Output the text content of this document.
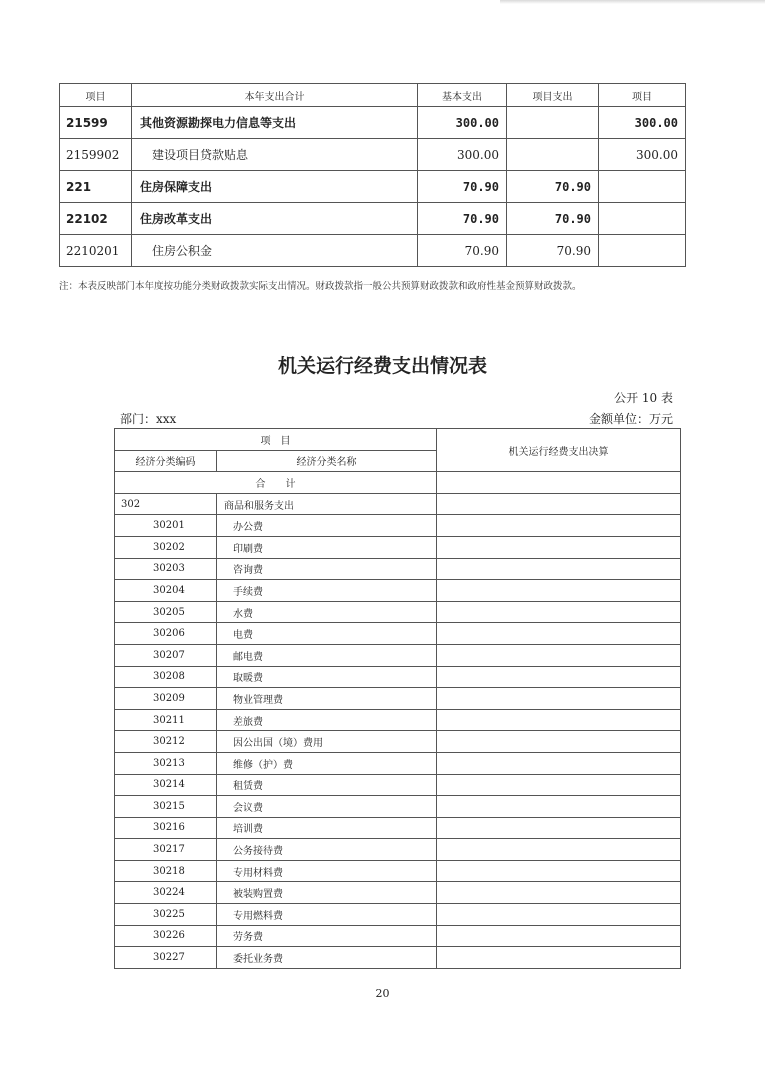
项目	本年支出合计	基本支出	项目支出	项目
21599	其他资源勘探电力信息等支出	300.00		300.00
2159902	建设项目贷款贴息	300.00		300.00
221	住房保障支出	70.90	70.90	
22102	住房改革支出	70.90	70.90	
2210201	住房公积金	70.90	70.90	
注：本表反映部门本年度按功能分类财政拨款实际支出情况。财政拨款指一般公共预算财政拨款和政府性基金预算财政拨款。
机关运行经费支出情况表
公开 10 表
部门：xxx	金额单位：万元
项　目		机关运行经费支出决算
经济分类编码	经济分类名称	
合　　计		
302	商品和服务支出	
30201	办公费	
30202	印刷费	
30203	咨询费	
30204	手续费	
30205	水费	
30206	电费	
30207	邮电费	
30208	取暖费	
30209	物业管理费	
30211	差旅费	
30212	因公出国（境）费用	
30213	维修（护）费	
30214	租赁费	
30215	会议费	
30216	培训费	
30217	公务接待费	
30218	专用材料费	
30224	被装购置费	
30225	专用燃料费	
30226	劳务费	
30227	委托业务费	
20
